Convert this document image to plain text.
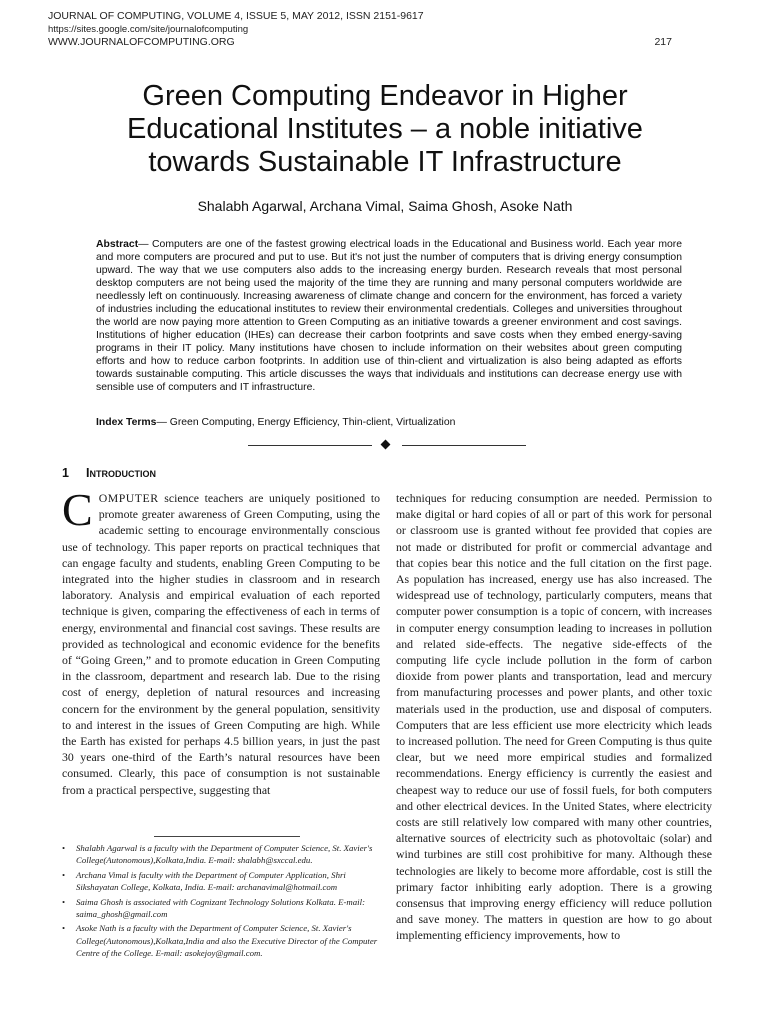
JOURNAL OF COMPUTING, VOLUME 4, ISSUE 5, MAY 2012, ISSN 2151-9617
https://sites.google.com/site/journalofcomputing
WWW.JOURNALOFCOMPUTING.ORG	217
Green Computing Endeavor in Higher
Educational Institutes – a noble initiative
towards Sustainable IT Infrastructure
Shalabh Agarwal, Archana Vimal, Saima Ghosh, Asoke Nath
Abstract— Computers are one of the fastest growing electrical loads in the Educational and Business world. Each year more and more computers are procured and put to use. But it's not just the number of computers that is driving energy consumption upward. The way that we use computers also adds to the increasing energy burden. Research reveals that most personal desktop computers are not being used the majority of the time they are running and many personal computers worldwide are needlessly left on continuously. Increasing awareness of climate change and concern for the environment, has forced a variety of industries including the educational institutes to review their environmental credentials. Colleges and universities throughout the world are now paying more attention to Green Computing as an initiative towards a greener environment and cost savings. Institutions of higher education (IHEs) can decrease their carbon footprints and save costs when they embed energy-saving programs in their IT policy. Many institutions have chosen to include information on their websites about green computing efforts and how to reduce carbon footprints. In addition use of thin-client and virtualization is also being adapted as efforts towards sustainable computing. This article discusses the ways that individuals and institutions can decrease energy use with sensible use of computers and IT infrastructure.
Index Terms— Green Computing, Energy Efficiency, Thin-client, Virtualization
1 Introduction
COMPUTER science teachers are uniquely positioned to promote greater awareness of Green Computing, using the academic setting to encourage environmentally conscious use of technology. This paper reports on practical techniques that can engage faculty and students, enabling Green Computing to be integrated into the higher studies in classroom and in research laboratory. Analysis and empirical evaluation of each reported technique is given, comparing the effectiveness of each in terms of energy, environmental and financial cost savings. These results are provided as technological and economic evidence for the benefits of “Going Green,” and to promote education in Green Computing in the classroom, department and research lab. Due to the rising cost of energy, depletion of natural resources and increasing concern for the environment by the general population, sensitivity to and interest in the issues of Green Computing are high. While the Earth has existed for perhaps 4.5 billion years, in just the past 30 years one-third of the Earth’s natural resources have been consumed. Clearly, this pace of consumption is not sustainable from a practical perspective, suggesting that
techniques for reducing consumption are needed. Permission to make digital or hard copies of all or part of this work for personal or classroom use is granted without fee provided that copies are not made or distributed for profit or commercial advantage and that copies bear this notice and the full citation on the first page. As population has increased, energy use has also increased. The widespread use of technology, particularly computers, means that computer power consumption is a topic of concern, with increases in computer energy consumption leading to increases in pollution and related side-effects. The negative side-effects of the computing life cycle include pollution in the form of carbon dioxide from power plants and transportation, lead and mercury from manufacturing processes and power plants, and other toxic materials used in the production, use and disposal of computers. Computers that are less efficient use more electricity which leads to increased pollution. The need for Green Computing is thus quite clear, but we need more empirical studies and formalized recommendations. Energy efficiency is currently the easiest and cheapest way to reduce our use of fossil fuels, for both computers and other electrical devices. In the United States, where electricity costs are still relatively low compared with many other countries, alternative sources of electricity such as photovoltaic (solar) and wind turbines are still cost prohibitive for many. Although these technologies are likely to become more affordable, cost is still the primary factor inhibiting early adoption. There is a growing consensus that improving energy efficiency will reduce pollution and save money. The matters in question are how to go about implementing efficiency improvements, how to
• Shalabh Agarwal is a faculty with the Department of Computer Science, St. Xavier's College(Autonomous),Kolkata,India. E-mail: shalabh@sxccal.edu.
• Archana Vimal is faculty with the Department of Computer Application, Shri Sikshayatan College, Kolkata, India. E-mail: archanavimal@hotmail.com
• Saima Ghosh is associated with Cognizant Technology Solutions Kolkata. E-mail: saima_ghosh@gmail.com
• Asoke Nath is a faculty with the Department of Computer Science, St. Xavier's College(Autonomous),Kolkata,India and also the Executive Director of the Computer Centre of the College. E-mail: asokejoy@gmail.com.
